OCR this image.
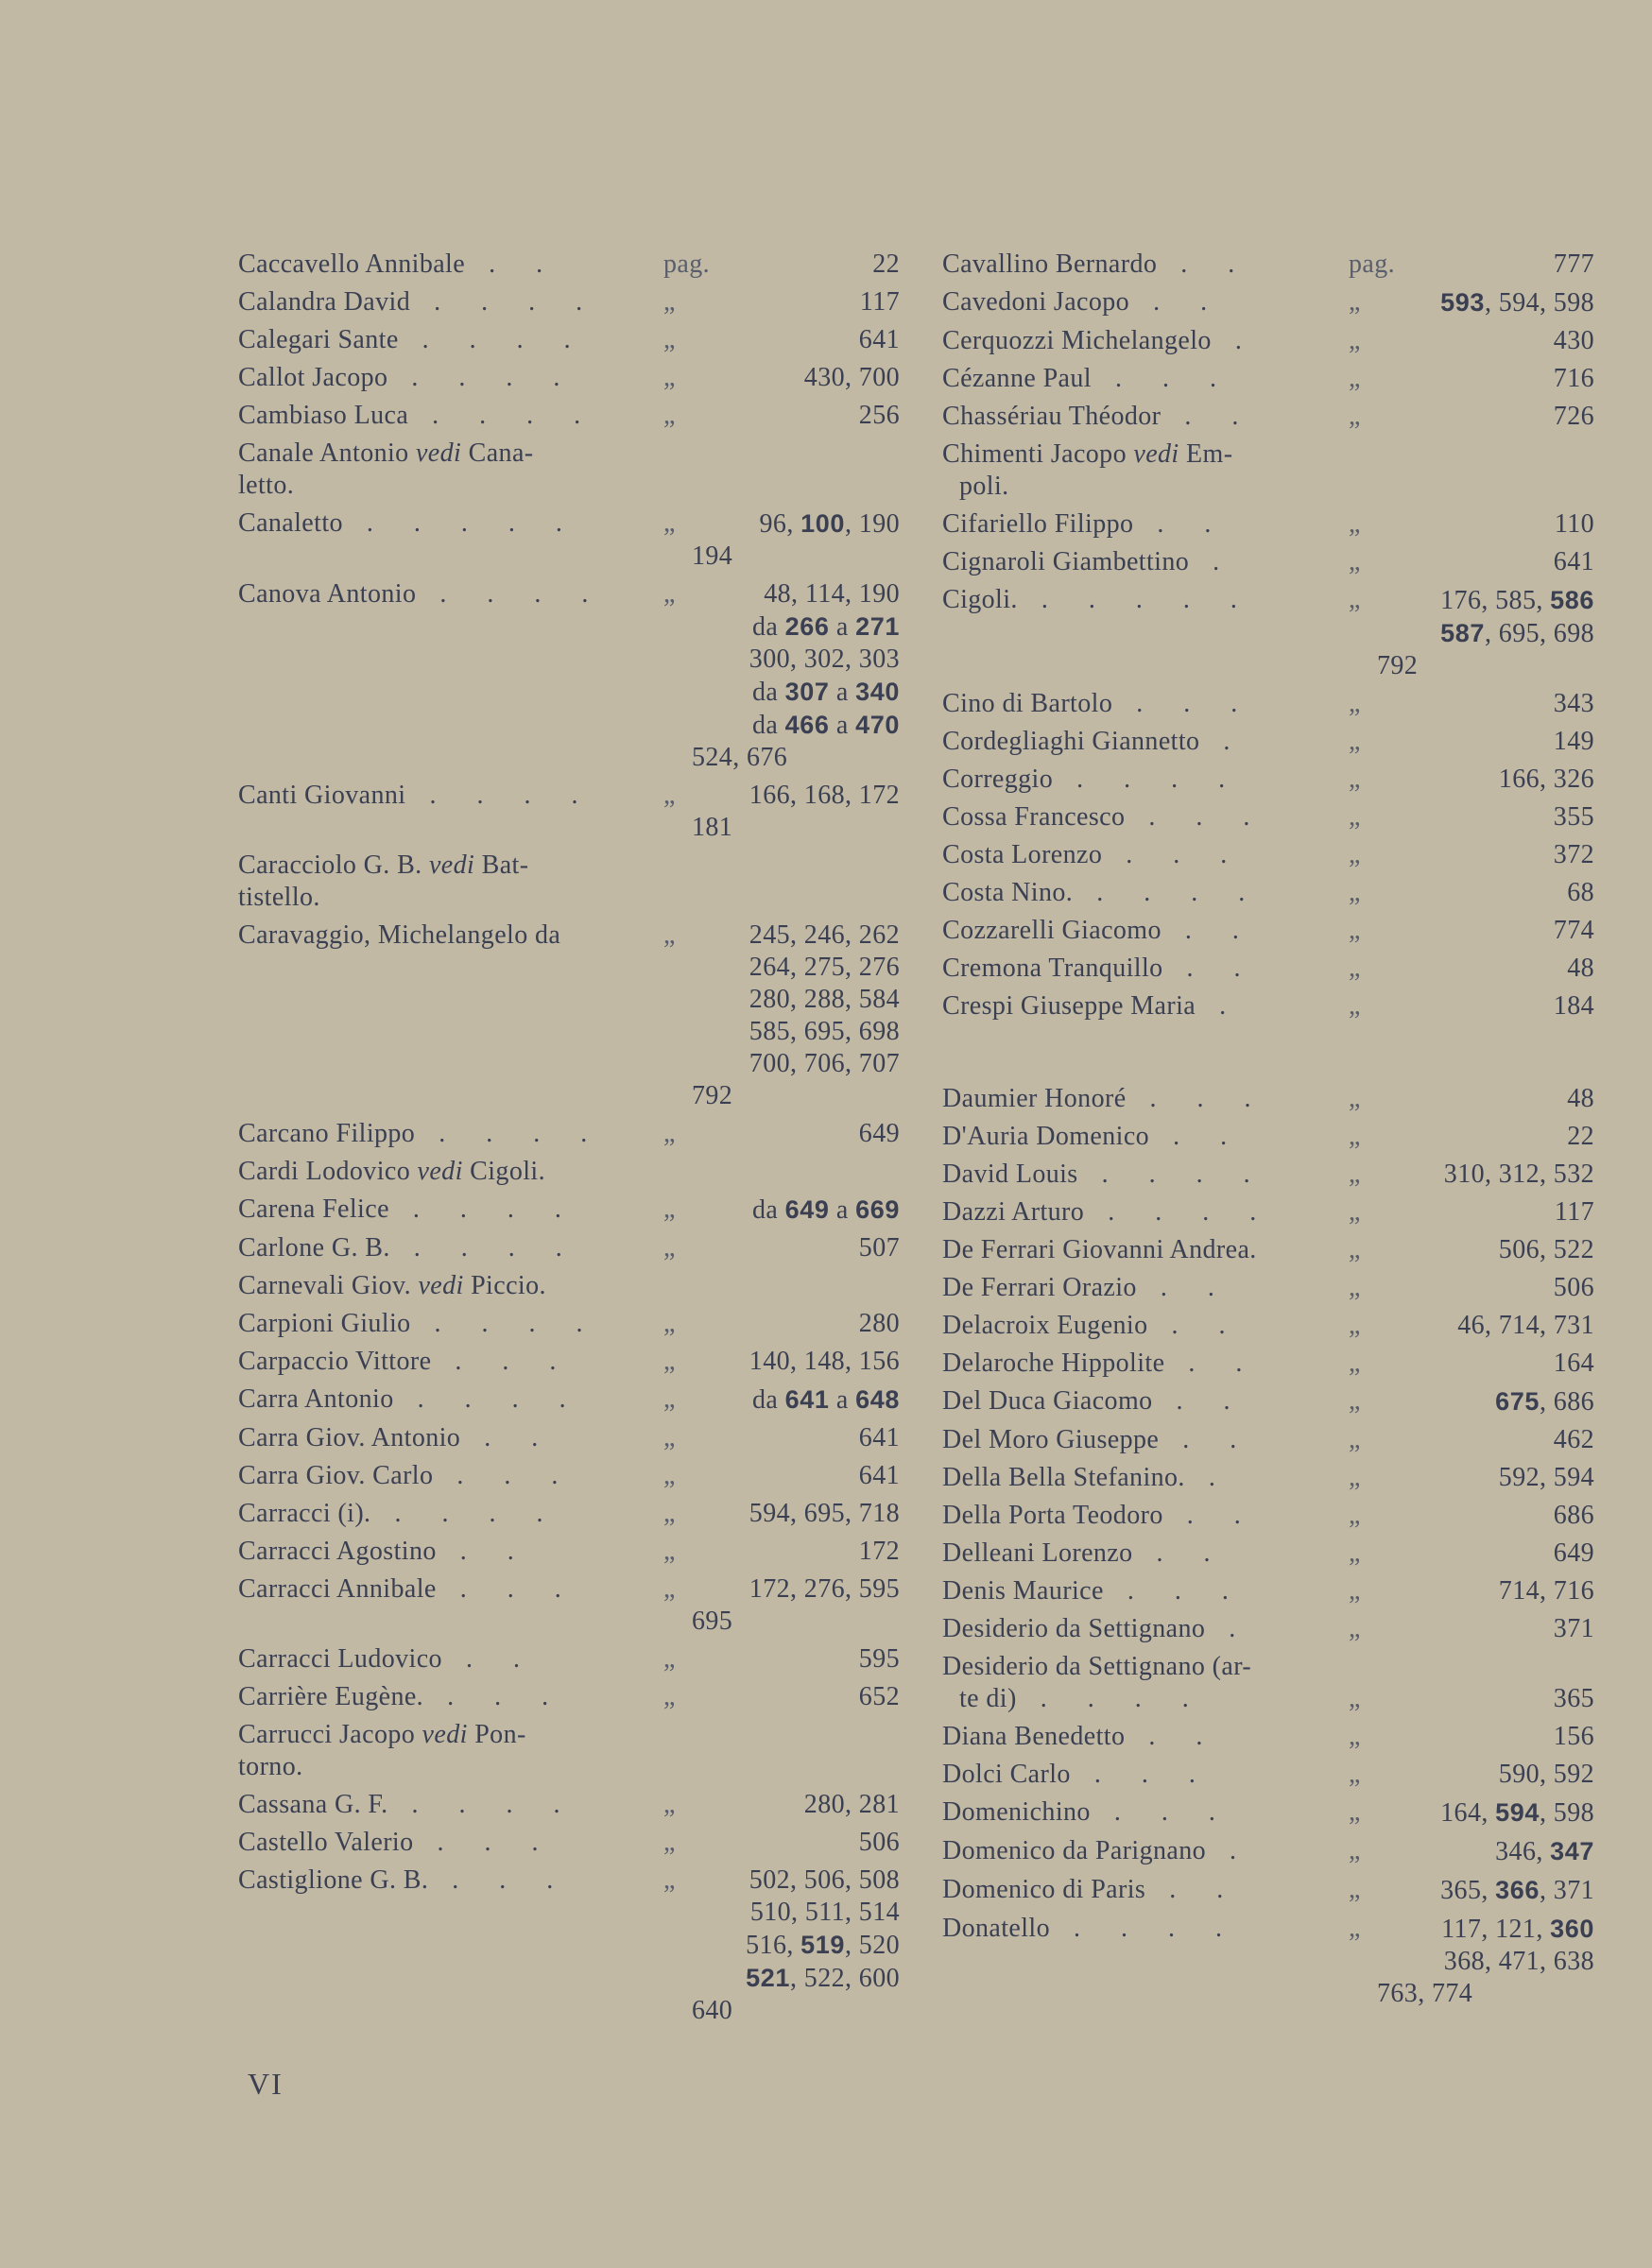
Caccavello Annibale . .	pag.	22
Calandra David . . . .	„	117
Calegari Sante . . . .	„	641
Callot Jacopo . . . .	„	430, 700
Cambiaso Luca . . . .	„	256
Canale Antonio vedi Cana-
letto.
Canaletto . . . . .	„	96, 100, 190
194
Canova Antonio . . . .	„	48, 114, 190
da 266 a 271
300, 302, 303
da 307 a 340
da 466 a 470
524, 676
Canti Giovanni . . . .	„	166, 168, 172
181
Caracciolo G. B. vedi Bat-
tistello.
Caravaggio, Michelangelo da	„	245, 246, 262
264, 275, 276
280, 288, 584
585, 695, 698
700, 706, 707
792
Carcano Filippo . . . .	„	649
Cardi Lodovico vedi Cigoli.
Carena Felice . . . .	„	da 649 a 669
Carlone G. B. . . . .	„	507
Carnevali Giov. vedi Piccio.
Carpioni Giulio . . . .	„	280
Carpaccio Vittore . . .	„	140, 148, 156
Carra Antonio . . . .	„	da 641 a 648
Carra Giov. Antonio . .	„	641
Carra Giov. Carlo . . .	„	641
Carracci (i). . . . .	„	594, 695, 718
Carracci Agostino . .	„	172
Carracci Annibale . . .	„	172, 276, 595
695
Carracci Ludovico . .	„	595
Carrière Eugène. . . .	„	652
Carrucci Jacopo vedi Pon-
torno.
Cassana G. F. . . . .	„	280, 281
Castello Valerio . . .	„	506
Castiglione G. B. . . .	„	502, 506, 508
510, 511, 514
516, 519, 520
521, 522, 600
640
Cavallino Bernardo . .	pag.	777
Cavedoni Jacopo . .	„	593, 594, 598
Cerquozzi Michelangelo .	„	430
Cézanne Paul . . .	„	716
Chassériau Théodor . .	„	726
Chimenti Jacopo vedi Em-
poli.
Cifariello Filippo . .	„	110
Cignaroli Giambettino .	„	641
Cigoli. . . . . .	„	176, 585, 586
587, 695, 698
792
Cino di Bartolo . . .	„	343
Cordegliaghi Giannetto .	„	149
Correggio . . . .	„	166, 326
Cossa Francesco . . .	„	355
Costa Lorenzo . . .	„	372
Costa Nino. . . . .	„	68
Cozzarelli Giacomo . .	„	774
Cremona Tranquillo . .	„	48
Crespi Giuseppe Maria .	„	184
Daumier Honoré . . .	„	48
D'Auria Domenico . .	„	22
David Louis . . . .	„	310, 312, 532
Dazzi Arturo . . . .	„	117
De Ferrari Giovanni Andrea.	„	506, 522
De Ferrari Orazio . .	„	506
Delacroix Eugenio . .	„	46, 714, 731
Delaroche Hippolite . .	„	164
Del Duca Giacomo . .	„	675, 686
Del Moro Giuseppe . .	„	462
Della Bella Stefanino. .	„	592, 594
Della Porta Teodoro . .	„	686
Delleani Lorenzo . .	„	649
Denis Maurice . . .	„	714, 716
Desiderio da Settignano .	„	371
Desiderio da Settignano (ar-
te di) . . . .	„	365
Diana Benedetto . .	„	156
Dolci Carlo . . .	„	590, 592
Domenichino . . .	„	164, 594, 598
Domenico da Parignano .	„	346, 347
Domenico di Paris . .	„	365, 366, 371
Donatello . . . .	„	117, 121, 360
368, 471, 638
763, 774
VI
